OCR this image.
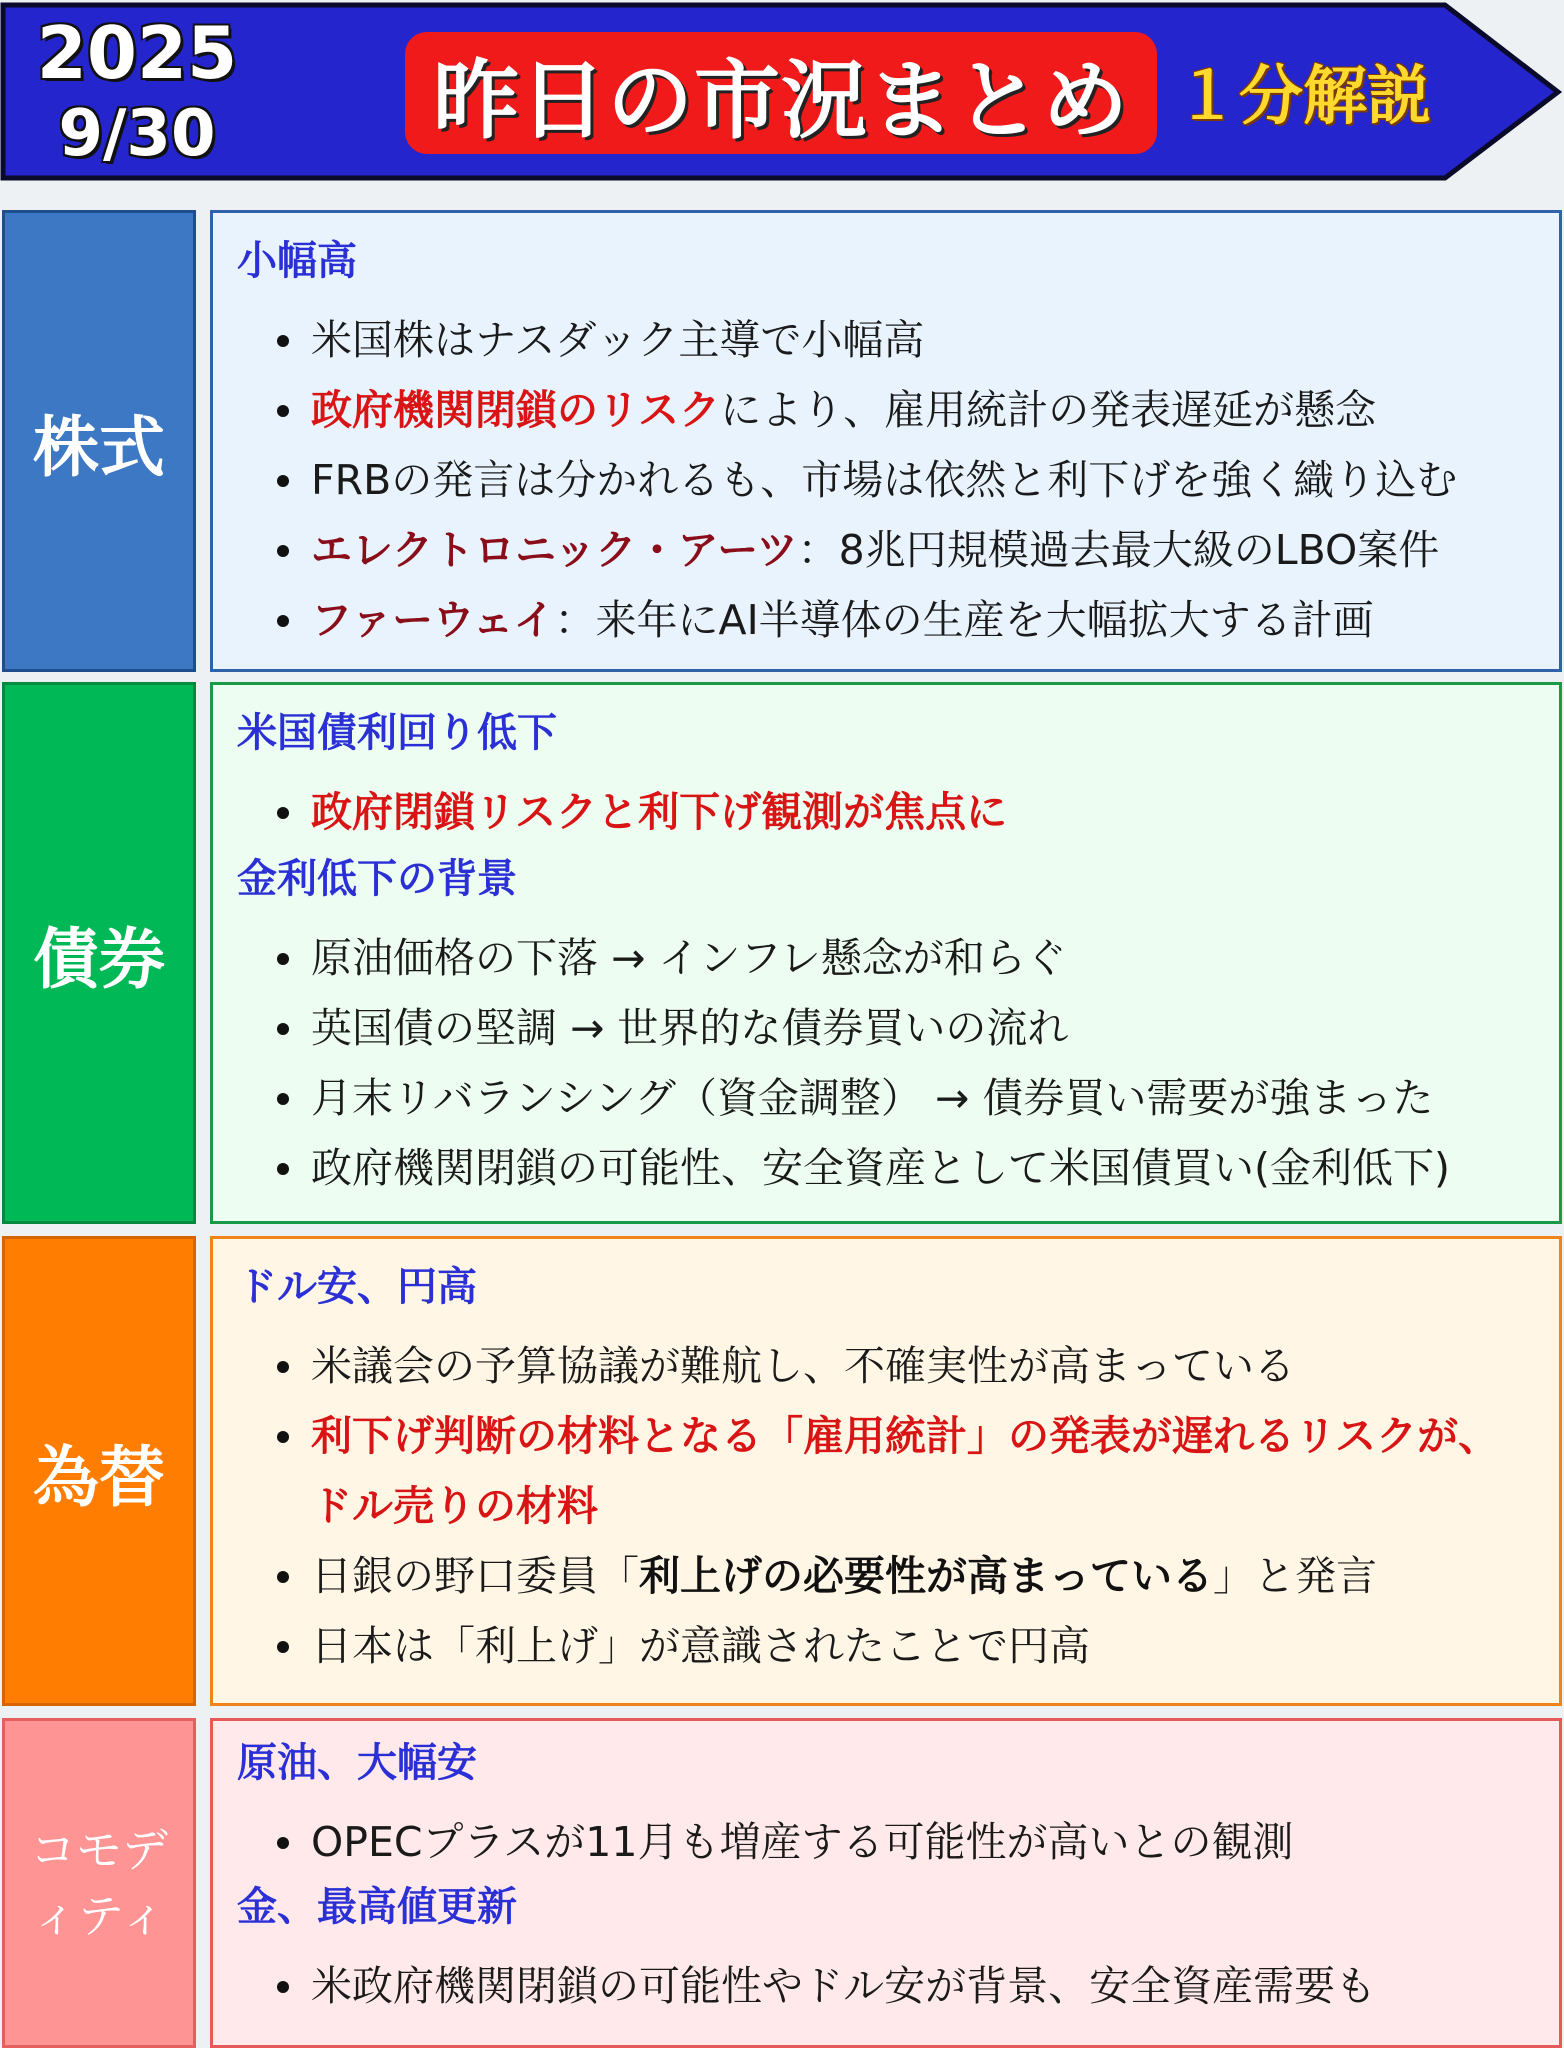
2025
9/30	昨日の市況まとめ １分解説
株式
小幅高
米国株はナスダック主導で小幅高
政府機関閉鎖のリスクにより、雇用統計の発表遅延が懸念
FRBの発言は分かれるも、市場は依然と利下げを強く織り込む
エレクトロニック・アーツ：8兆円規模過去最大級のLBO案件
ファーウェイ：来年にAI半導体の生産を大幅拡大する計画
債券
米国債利回り低下
政府閉鎖リスクと利下げ観測が焦点に
金利低下の背景
原油価格の下落 → インフレ懸念が和らぐ
英国債の堅調 → 世界的な債券買いの流れ
月末リバランシング（資金調整） → 債券買い需要が強まった
政府機関閉鎖の可能性、安全資産として米国債買い(金利低下)
為替
ドル安、円高
米議会の予算協議が難航し、不確実性が高まっている
利下げ判断の材料となる「雇用統計」の発表が遅れるリスクが、ドル売りの材料
日銀の野口委員「利上げの必要性が高まっている」と発言
日本は「利上げ」が意識されたことで円高
コモデ
ィティ
原油、大幅安
OPECプラスが11月も増産する可能性が高いとの観測
金、最高値更新
米政府機関閉鎖の可能性やドル安が背景、安全資産需要も
